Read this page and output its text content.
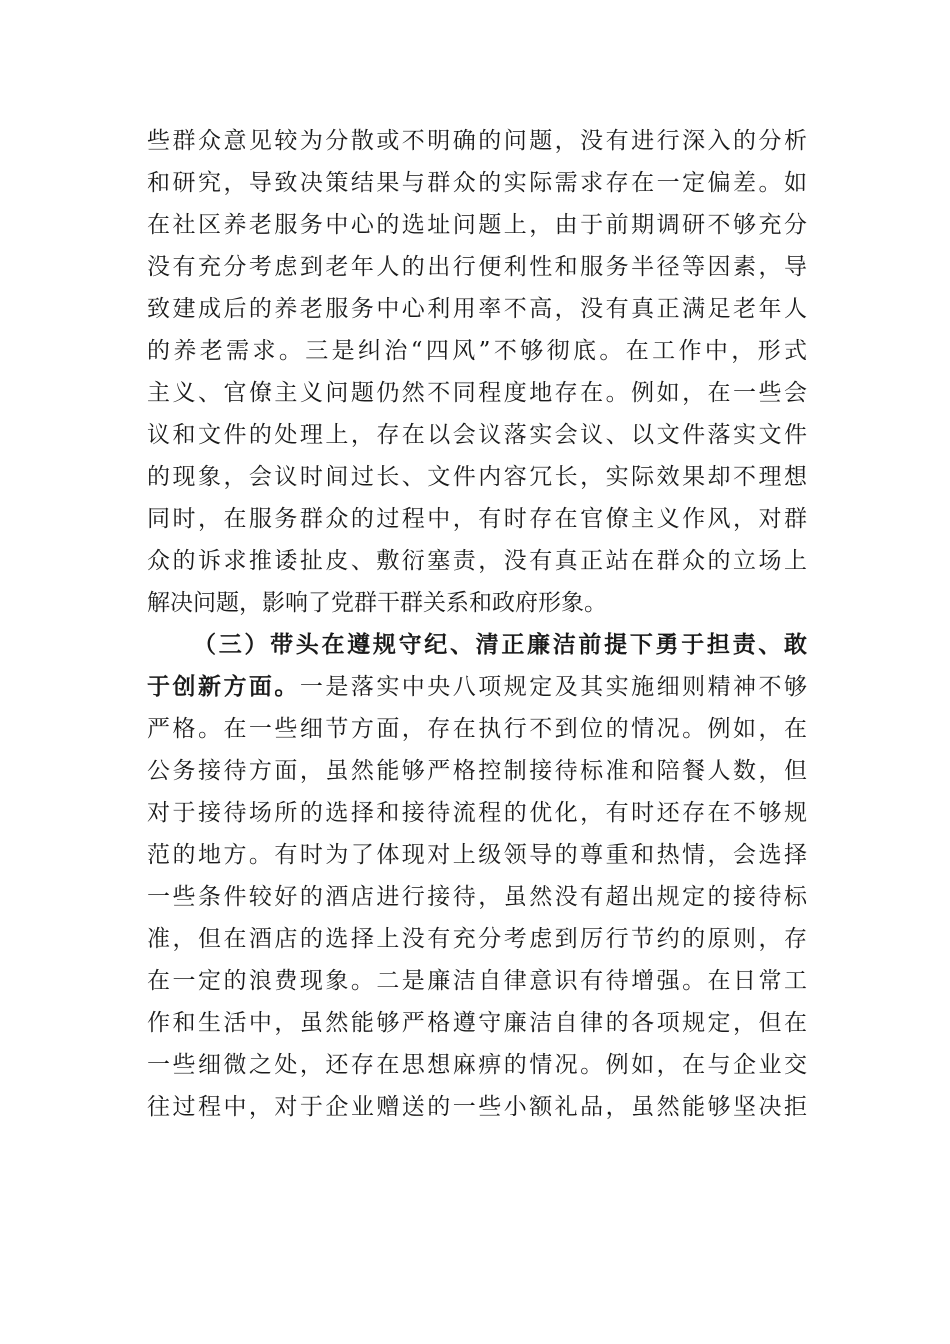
些群众意见较为分散或不明确的问题，没有进行深入的分析
和研究，导致决策结果与群众的实际需求存在一定偏差。如
在社区养老服务中心的选址问题上，由于前期调研不够充分
没有充分考虑到老年人的出行便利性和服务半径等因素，导
致建成后的养老服务中心利用率不高，没有真正满足老年人
的养老需求。三是纠治“四风”不够彻底。在工作中，形式
主义、官僚主义问题仍然不同程度地存在。例如，在一些会
议和文件的处理上，存在以会议落实会议、以文件落实文件
的现象，会议时间过长、文件内容冗长，实际效果却不理想
同时，在服务群众的过程中，有时存在官僚主义作风，对群
众的诉求推诿扯皮、敷衍塞责，没有真正站在群众的立场上
解决问题，影响了党群干群关系和政府形象。
（三）带头在遵规守纪、清正廉洁前提下勇于担责、敢
于创新方面。一是落实中央八项规定及其实施细则精神不够
严格。在一些细节方面，存在执行不到位的情况。例如，在
公务接待方面，虽然能够严格控制接待标准和陪餐人数，但
对于接待场所的选择和接待流程的优化，有时还存在不够规
范的地方。有时为了体现对上级领导的尊重和热情，会选择
一些条件较好的酒店进行接待，虽然没有超出规定的接待标
准，但在酒店的选择上没有充分考虑到厉行节约的原则，存
在一定的浪费现象。二是廉洁自律意识有待增强。在日常工
作和生活中，虽然能够严格遵守廉洁自律的各项规定，但在
一些细微之处，还存在思想麻痹的情况。例如，在与企业交
往过程中，对于企业赠送的一些小额礼品，虽然能够坚决拒
